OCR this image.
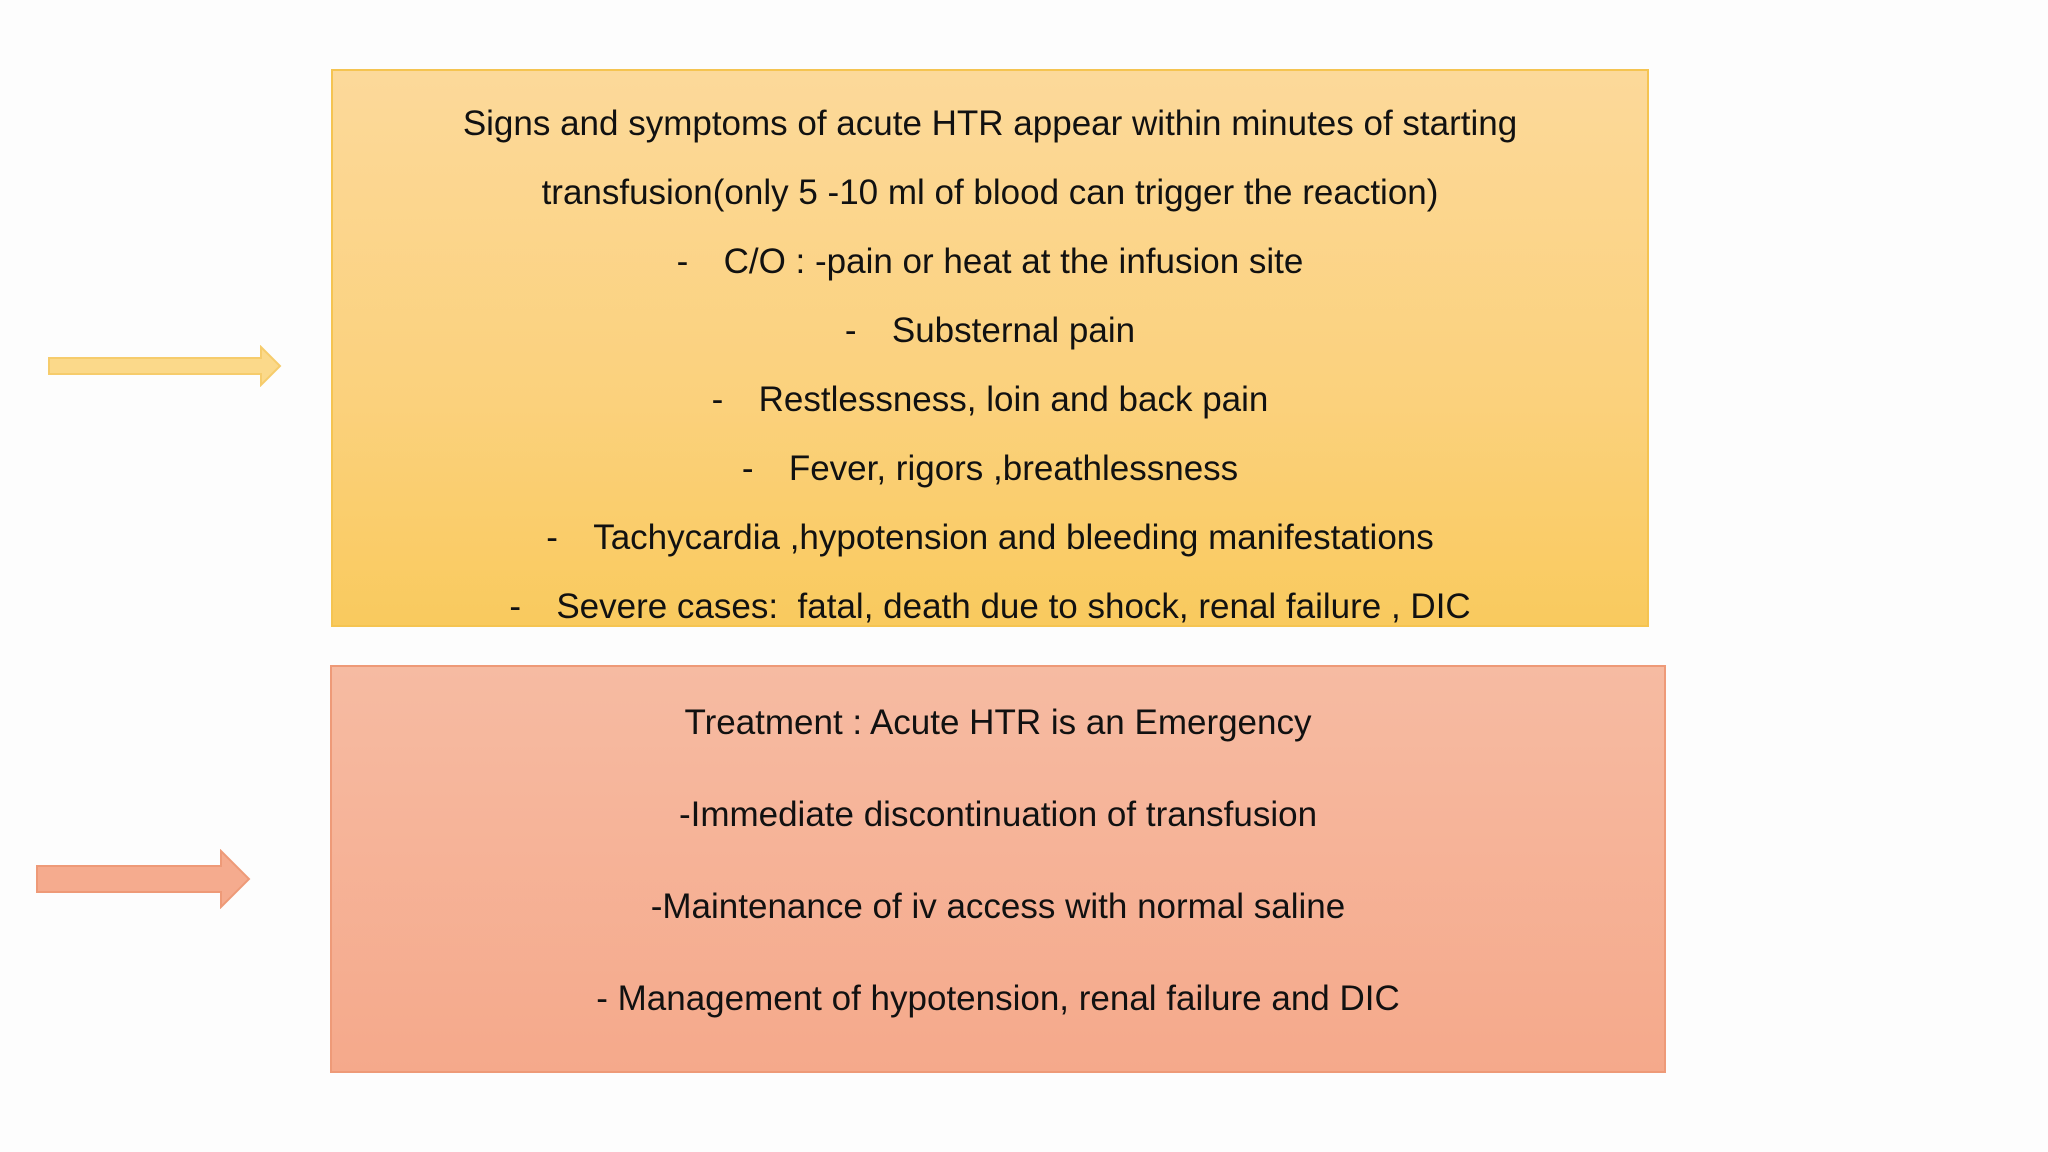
Signs and symptoms of acute HTR appear within minutes of starting
transfusion(only 5 -10 ml of blood can trigger the reaction)
-	C/O : -pain or heat at the infusion site
-	Substernal pain
-	Restlessness, loin and back pain
-	Fever, rigors ,breathlessness
-	Tachycardia ,hypotension and bleeding manifestations
-	Severe cases:  fatal, death due to shock, renal failure , DIC
Treatment : Acute HTR is an Emergency
-Immediate discontinuation of transfusion
-Maintenance of iv access with normal saline
- Management of hypotension, renal failure and DIC
